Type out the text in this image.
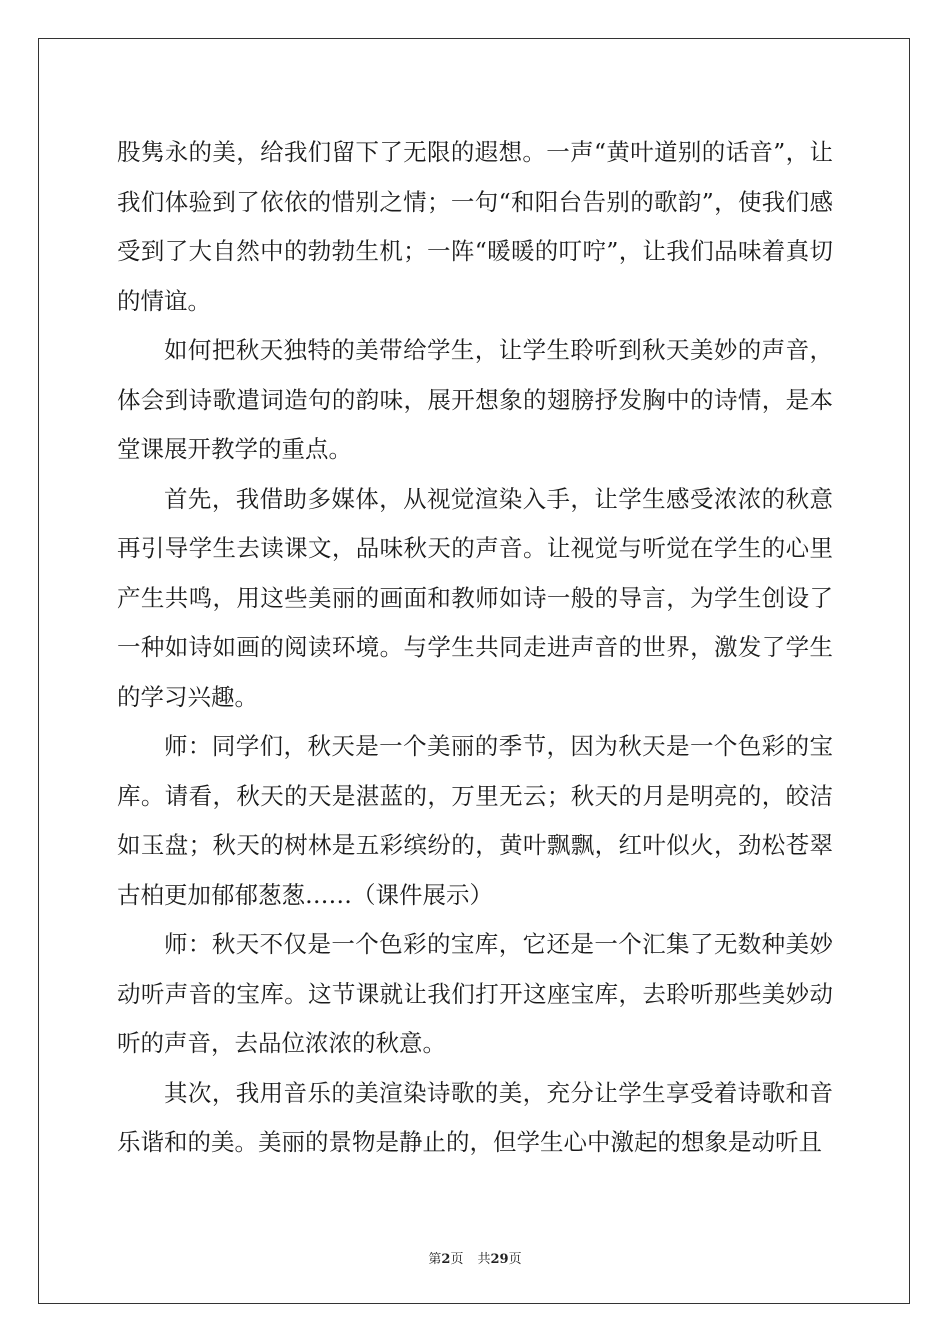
股隽永的美，给我们留下了无限的遐想。一声“黄叶道别的话音”，让我们体验到了依依的惜别之情；一句“和阳台告别的歌韵”，使我们感受到了大自然中的勃勃生机；一阵“暖暖的叮咛”，让我们品味着真切的情谊。

如何把秋天独特的美带给学生，让学生聆听到秋天美妙的声音，体会到诗歌遣词造句的韵味，展开想象的翅膀抒发胸中的诗情，是本堂课展开教学的重点。

首先，我借助多媒体，从视觉渲染入手，让学生感受浓浓的秋意再引导学生去读课文，品味秋天的声音。让视觉与听觉在学生的心里产生共鸣，用这些美丽的画面和教师如诗一般的导言，为学生创设了一种如诗如画的阅读环境。与学生共同走进声音的世界，激发了学生的学习兴趣。

师：同学们，秋天是一个美丽的季节，因为秋天是一个色彩的宝库。请看，秋天的天是湛蓝的，万里无云；秋天的月是明亮的，皎洁如玉盘；秋天的树林是五彩缤纷的，黄叶飘飘，红叶似火，劲松苍翠古柏更加郁郁葱葱……（课件展示）

师：秋天不仅是一个色彩的宝库，它还是一个汇集了无数种美妙动听声音的宝库。这节课就让我们打开这座宝库，去聆听那些美妙动听的声音，去品位浓浓的秋意。

其次，我用音乐的美渲染诗歌的美，充分让学生享受着诗歌和音乐谐和的美。美丽的景物是静止的，但学生心中激起的想象是动听且

第2页 共29页
